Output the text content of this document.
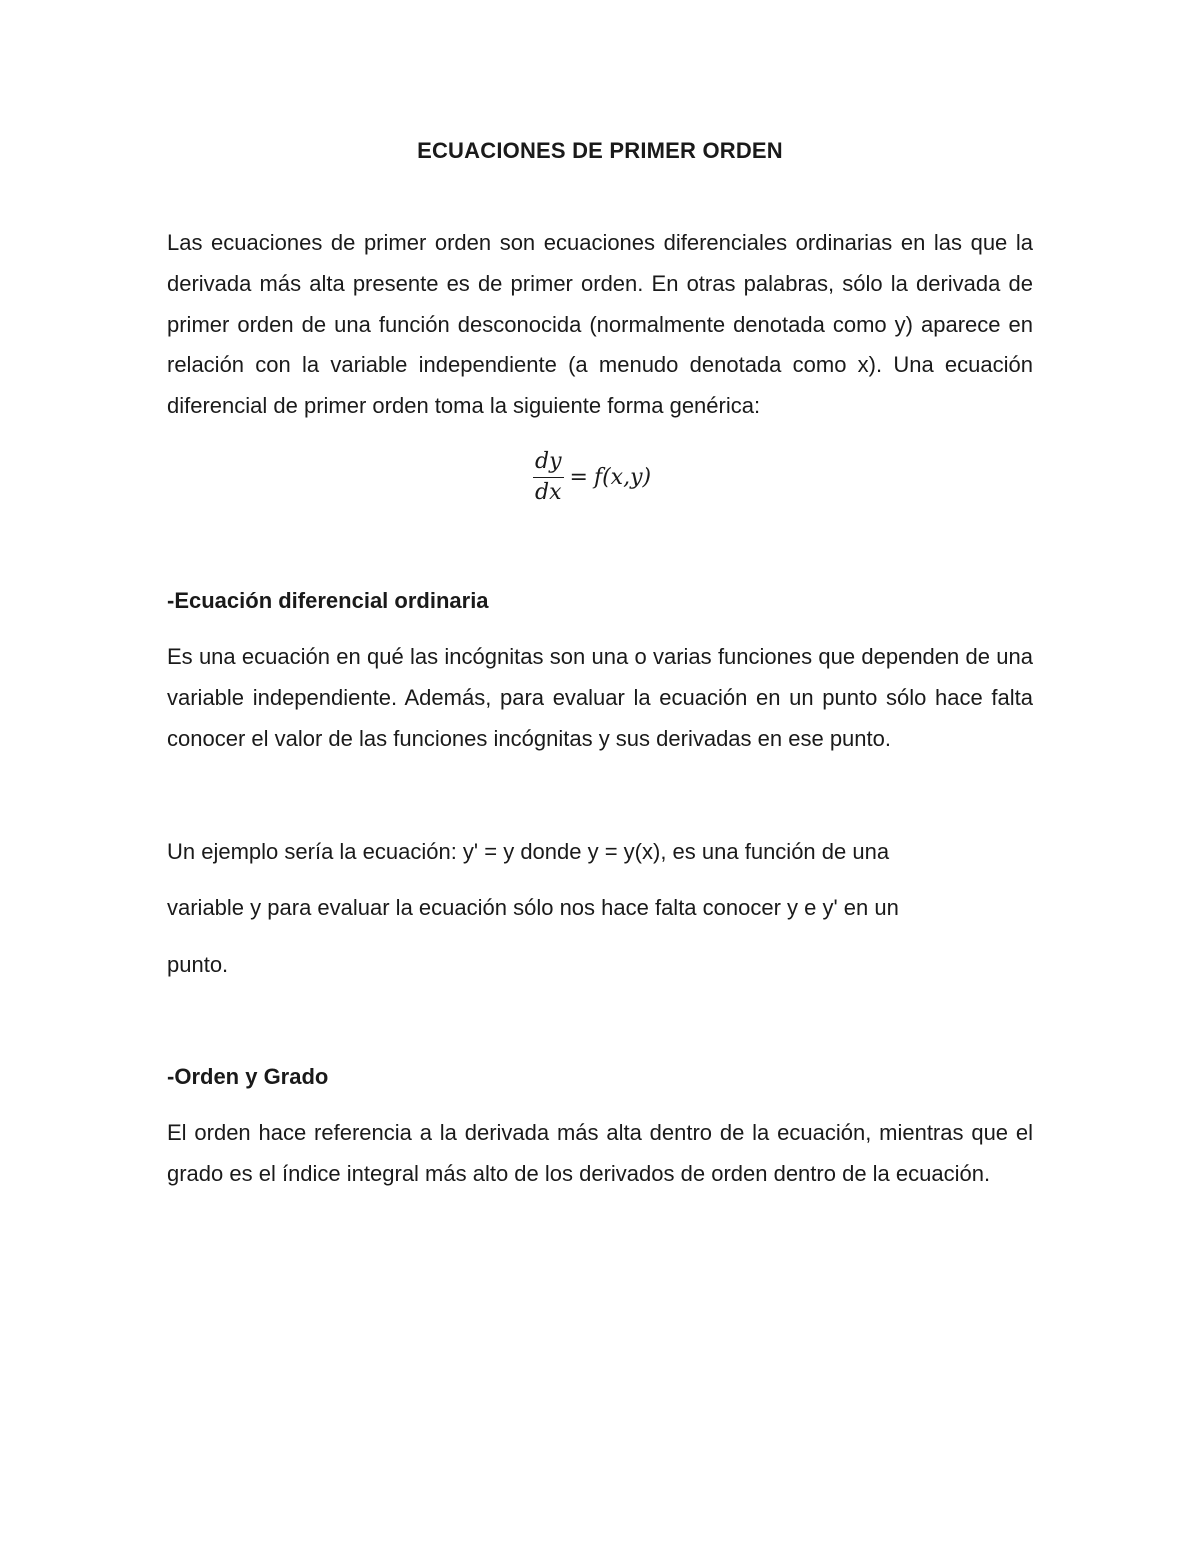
ECUACIONES DE PRIMER ORDEN

Las ecuaciones de primer orden son ecuaciones diferenciales ordinarias en las que la derivada más alta presente es de primer orden. En otras palabras, sólo la derivada de primer orden de una función desconocida (normalmente denotada como y) aparece en relación con la variable independiente (a menudo denotada como x). Una ecuación diferencial de primer orden toma la siguiente forma genérica:

$\frac{dy}{dx} = f(x,y)$
-Ecuación diferencial ordinaria

Es una ecuación en qué las incógnitas son una o varias funciones que dependen de una variable independiente. Además, para evaluar la ecuación en un punto sólo hace falta conocer el valor de las funciones incógnitas y sus derivadas en ese punto.

Un ejemplo sería la ecuación: y' = y donde y = y(x), es una función de una
variable y para evaluar la ecuación sólo nos hace falta conocer y e y' en un
punto.
-Orden y Grado

El orden hace referencia a la derivada más alta dentro de la ecuación, mientras que el grado es el índice integral más alto de los derivados de orden dentro de la ecuación.
